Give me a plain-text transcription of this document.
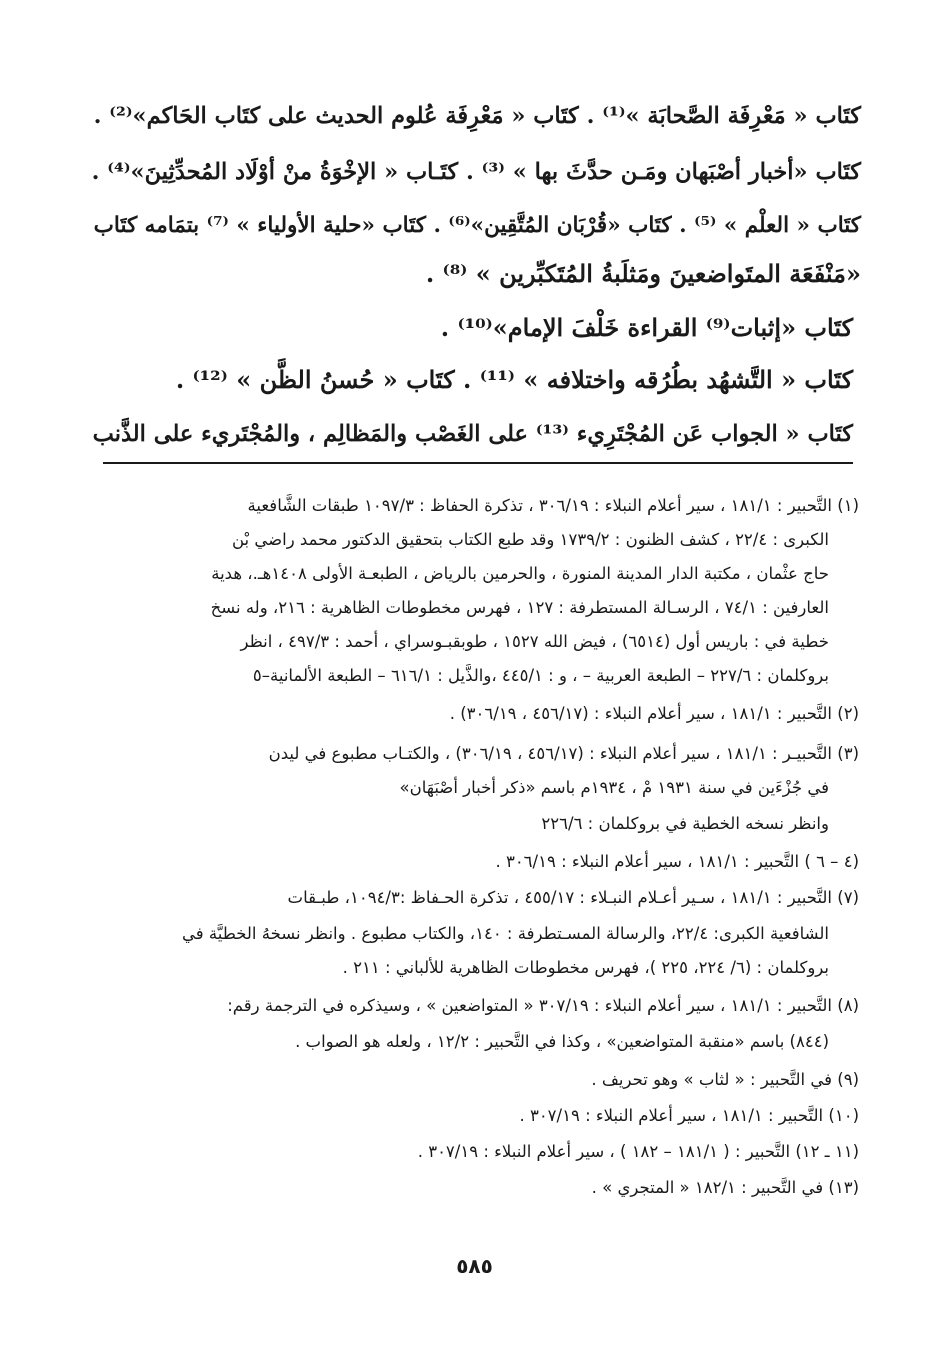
كتَاب « مَعْرِفَة الصَّحابَة »⁽¹⁾ . كتَاب « مَعْرِفَة عُلوم الحديث على كتَاب الحَاكم»⁽²⁾ .
كتَاب «أخبار أصْبَهان ومَـن حدَّثَ بها » ⁽³⁾ . كتَـاب « الإخْوَةُ منْ أوْلَاد المُحدِّثِينَ»⁽⁴⁾ .
كتَاب « العلْم » ⁽⁵⁾ . كتَاب «قُرْبَان المُتَّقِين»⁽⁶⁾ . كتَاب «حلية الأولياء » ⁽⁷⁾ بتمَامه كتَاب
«مَنْفَعَة المتَواضعينَ ومَثلَبةُ المُتَكبِّرين » ⁽⁸⁾ .
كتَاب «إثبات⁽⁹⁾ القراءة خَلْفَ الإمام»⁽¹⁰⁾ .
كتَاب « التَّشهُد بطُرُقه واختلافه » ⁽¹¹⁾ . كتَاب « حُسنُ الظَّن » ⁽¹²⁾ .
كتَاب « الجواب عَن المُجْتَرِيء ⁽¹³⁾ على الغَصْب والمَظالِم ، والمُجْتَريء على الذَّنب
(١) التَّحبير : ١٨١/١ ، سير أعلام النبلاء : ٣٠٦/١٩ ، تذكرة الحفاظ : ١٠٩٧/٣ طبقات الشَّافعية
الكبرى : ٢٢/٤ ، كشف الظنون : ١٧٣٩/٢ وقد طبع الكتاب بتحقيق الدكتور محمد راضي بْن
حاج عثْمان ، مكتبة الدار المدينة المنورة ، والحرمين بالرياض ، الطبعـة الأولى ١٤٠٨هـ.، هدية
العارفين : ٧٤/١ ، الرسـالة المستطرفة : ١٢٧ ، فهرس مخطوطات الظاهرية : ٢١٦، وله نسخ
خطية في : باريس أول (٦٥١٤) ، فيض الله ١٥٢٧ ، طوبقبـوسراي ، أحمد : ٤٩٧/٣ ، انظر
بروكلمان : ٢٢٧/٦ – الطبعة العربية – ، و : ٤٤٥/١ ،والذَّيل : ٦١٦/١ – الطبعة الألمانية–٥
(٢) التَّحبير : ١٨١/١ ، سير أعلام النبلاء : (٤٥٦/١٧ ، ٣٠٦/١٩) .
(٣) التَّحبيـر : ١٨١/١ ، سير أعلام النبلاء : (٤٥٦/١٧ ، ٣٠٦/١٩) ، والكتـاب مطبوع في ليدن
في جُزْءَين في سنة ١٩٣١ مْ ، ١٩٣٤م باسم «ذكر أخبار أصْبَهَان»
وانظر نسخه الخطية في بروكلمان : ٢٢٦/٦
(٤ – ٦ ) التَّحبير : ١٨١/١ ، سير أعلام النبلاء : ٣٠٦/١٩ .
(٧) التَّحبير : ١٨١/١ ، سـير أعـلام النبـلاء : ٤٥٥/١٧ ، تذكرة الحـفاظ :١٠٩٤/٣، طبـقات
الشافعية الكبرى: ٢٢/٤، والرسالة المسـتطرفة : ١٤٠، والكتاب مطبوع . وانظر نسخهُ الخطيَّة في
بروكلمان : (٦/ ٢٢٤، ٢٢٥ )، فهرس مخطوطات الظاهرية للألباني : ٢١١ .
(٨) التَّحبير : ١٨١/١ ، سير أعلام النبلاء : ٣٠٧/١٩ « المتواضعين » ، وسيذكره في الترجمة رقم:
(٨٤٤) باسم «منقبة المتواضعين» ، وكذا في التَّحبير : ١٢/٢ ، ولعله هو الصواب .
(٩) في التَّحبير : « لثاب » وهو تحريف .
(١٠) التَّحبير : ١٨١/١ ، سير أعلام النبلاء : ٣٠٧/١٩ .
(١١ ـ ١٢) التَّحبير : ( ١٨١/١ – ١٨٢ ) ، سير أعلام النبلاء : ٣٠٧/١٩ .
(١٣) في التَّحبير : ١٨٢/١ « المتجري » .
٥٨٥
